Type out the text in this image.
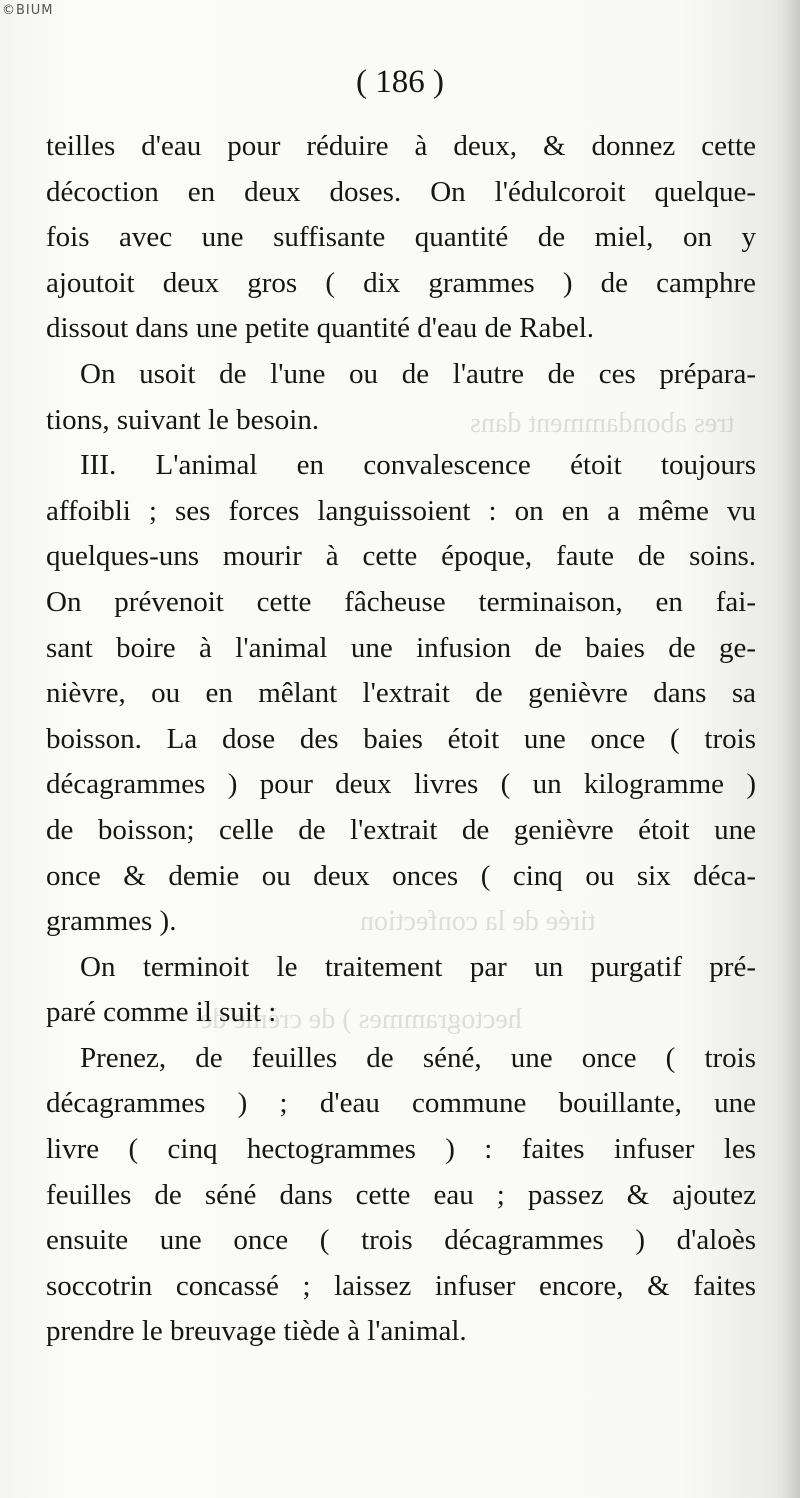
tres abondamment dans
tirée de la confection
hectogrammes ) de crème de
©BIUM
( 186 )
teilles d'eau pour réduire à deux, & donnez cette
décoction en deux doses. On l'édulcoroit quelque-
fois avec une suffisante quantité de miel, on y
ajoutoit deux gros ( dix grammes ) de camphre
dissout dans une petite quantité d'eau de Rabel.
On usoit de l'une ou de l'autre de ces prépara-
tions, suivant le besoin.
III. L'animal en convalescence étoit toujours
affoibli ; ses forces languissoient : on en a même vu
quelques-uns mourir à cette époque, faute de soins.
On prévenoit cette fâcheuse terminaison, en fai-
sant boire à l'animal une infusion de baies de ge-
nièvre, ou en mêlant l'extrait de genièvre dans sa
boisson. La dose des baies étoit une once ( trois
décagrammes ) pour deux livres ( un kilogramme )
de boisson; celle de l'extrait de genièvre étoit une
once & demie ou deux onces ( cinq ou six déca-
grammes ).
On terminoit le traitement par un purgatif pré-
paré comme il suit :
Prenez, de feuilles de séné, une once ( trois
décagrammes ) ; d'eau commune bouillante, une
livre ( cinq hectogrammes ) : faites infuser les
feuilles de séné dans cette eau ; passez & ajoutez
ensuite une once ( trois décagrammes ) d'aloès
soccotrin concassé ; laissez infuser encore, & faites
prendre le breuvage tiède à l'animal.
